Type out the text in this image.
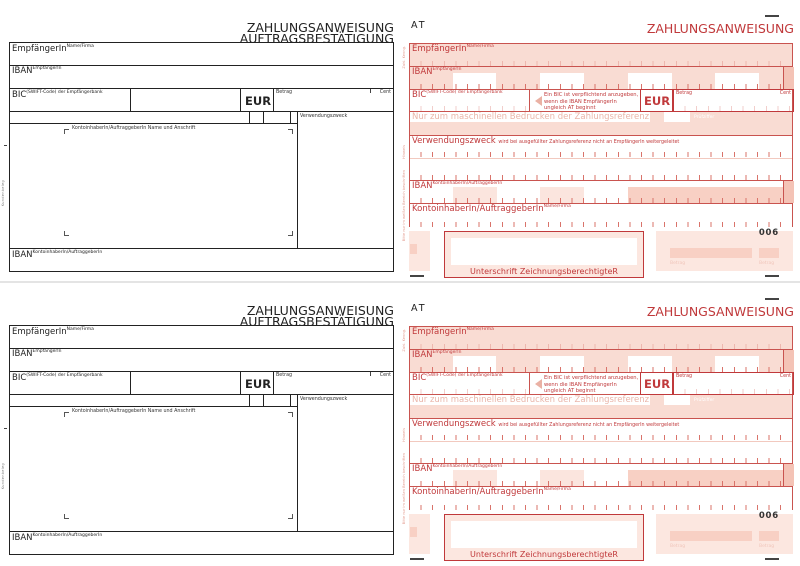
ZAHLUNGSANWEISUNG
AUFTRAGSBESTÄTIGUNG
Kundenbeleg
EmpfängerIn$^{Name/Firma}$
$IBAN^{EmpfängerIn}$
$BIC^{(SWIFT-Code) der Empfängerbank}$
EUR
Betrag	Cent
KontoinhaberIn/AuftraggeberIn Name und Anschrift
Verwendungszweck
$IBAN^{KontoinhaberIn/AuftraggeberIn}$
AT	ZAHLUNGSANWEISUNG
Zahl. Kenng.
Hinweis
Bitte nur im weißen Bereich beschriften
EmpfängerIn$^{Name/Firma}$
$IBAN^{EmpfängerIn}$
$BIC^{(SWIFT-Code) der Empfängerbank}$	Ein BIC ist verpflichtend anzugeben, wenn die IBAN EmpfängerIn ungleich AT beginnt	EUR
Betrag	Cent
Nur zum maschinellen Bedrucken der Zahlungsreferenz	Prüfziffer
Verwendungszweck wird bei ausgefüllter Zahlungsreferenz nicht an EmpfängerIn weitergeleitet
$IBAN^{KontoinhaberIn/AuftraggeberIn}$
KontoinhaberIn/AuftraggeberIn$^{Name/Firma}$
Unterschrift ZeichnungsberechtigteR
006
Betrag	Betrag
ZAHLUNGSANWEISUNG
AUFTRAGSBESTÄTIGUNG
Kundenbeleg
EmpfängerIn$^{Name/Firma}$
$IBAN^{EmpfängerIn}$
$BIC^{(SWIFT-Code) der Empfängerbank}$
EUR
Betrag	Cent
KontoinhaberIn/AuftraggeberIn Name und Anschrift
Verwendungszweck
$IBAN^{KontoinhaberIn/AuftraggeberIn}$
AT	ZAHLUNGSANWEISUNG
Zahl. Kenng.
Hinweis
Bitte nur im weißen Bereich beschriften
EmpfängerIn$^{Name/Firma}$
$IBAN^{EmpfängerIn}$
$BIC^{(SWIFT-Code) der Empfängerbank}$	Ein BIC ist verpflichtend anzugeben, wenn die IBAN EmpfängerIn ungleich AT beginnt	EUR
Betrag	Cent
Nur zum maschinellen Bedrucken der Zahlungsreferenz	Prüfziffer
Verwendungszweck wird bei ausgefüllter Zahlungsreferenz nicht an EmpfängerIn weitergeleitet
$IBAN^{KontoinhaberIn/AuftraggeberIn}$
KontoinhaberIn/AuftraggeberIn$^{Name/Firma}$
Unterschrift ZeichnungsberechtigteR
006
Betrag	Betrag
